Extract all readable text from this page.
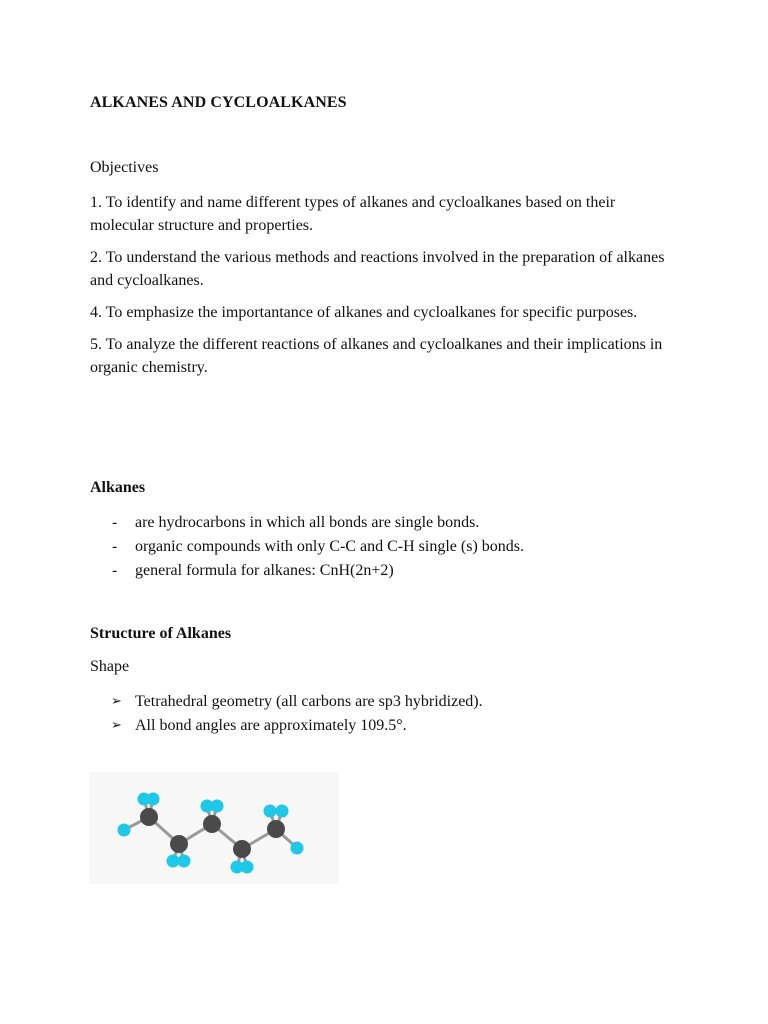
ALKANES AND CYCLOALKANES
Objectives
1. To identify and name different types of alkanes and cycloalkanes based on their molecular structure and properties.
2. To understand the various methods and reactions involved in the preparation of alkanes and cycloalkanes.
4. To emphasize the importantance of alkanes and cycloalkanes for specific purposes.
5. To analyze the different reactions of alkanes and cycloalkanes and their implications in organic chemistry.
Alkanes
- are hydrocarbons in which all bonds are single bonds.
- organic compounds with only C-C and C-H single (s) bonds.
- general formula for alkanes: CnH(2n+2)
Structure of Alkanes
Shape
➢ Tetrahedral geometry (all carbons are sp3 hybridized).
➢ All bond angles are approximately 109.5°.
